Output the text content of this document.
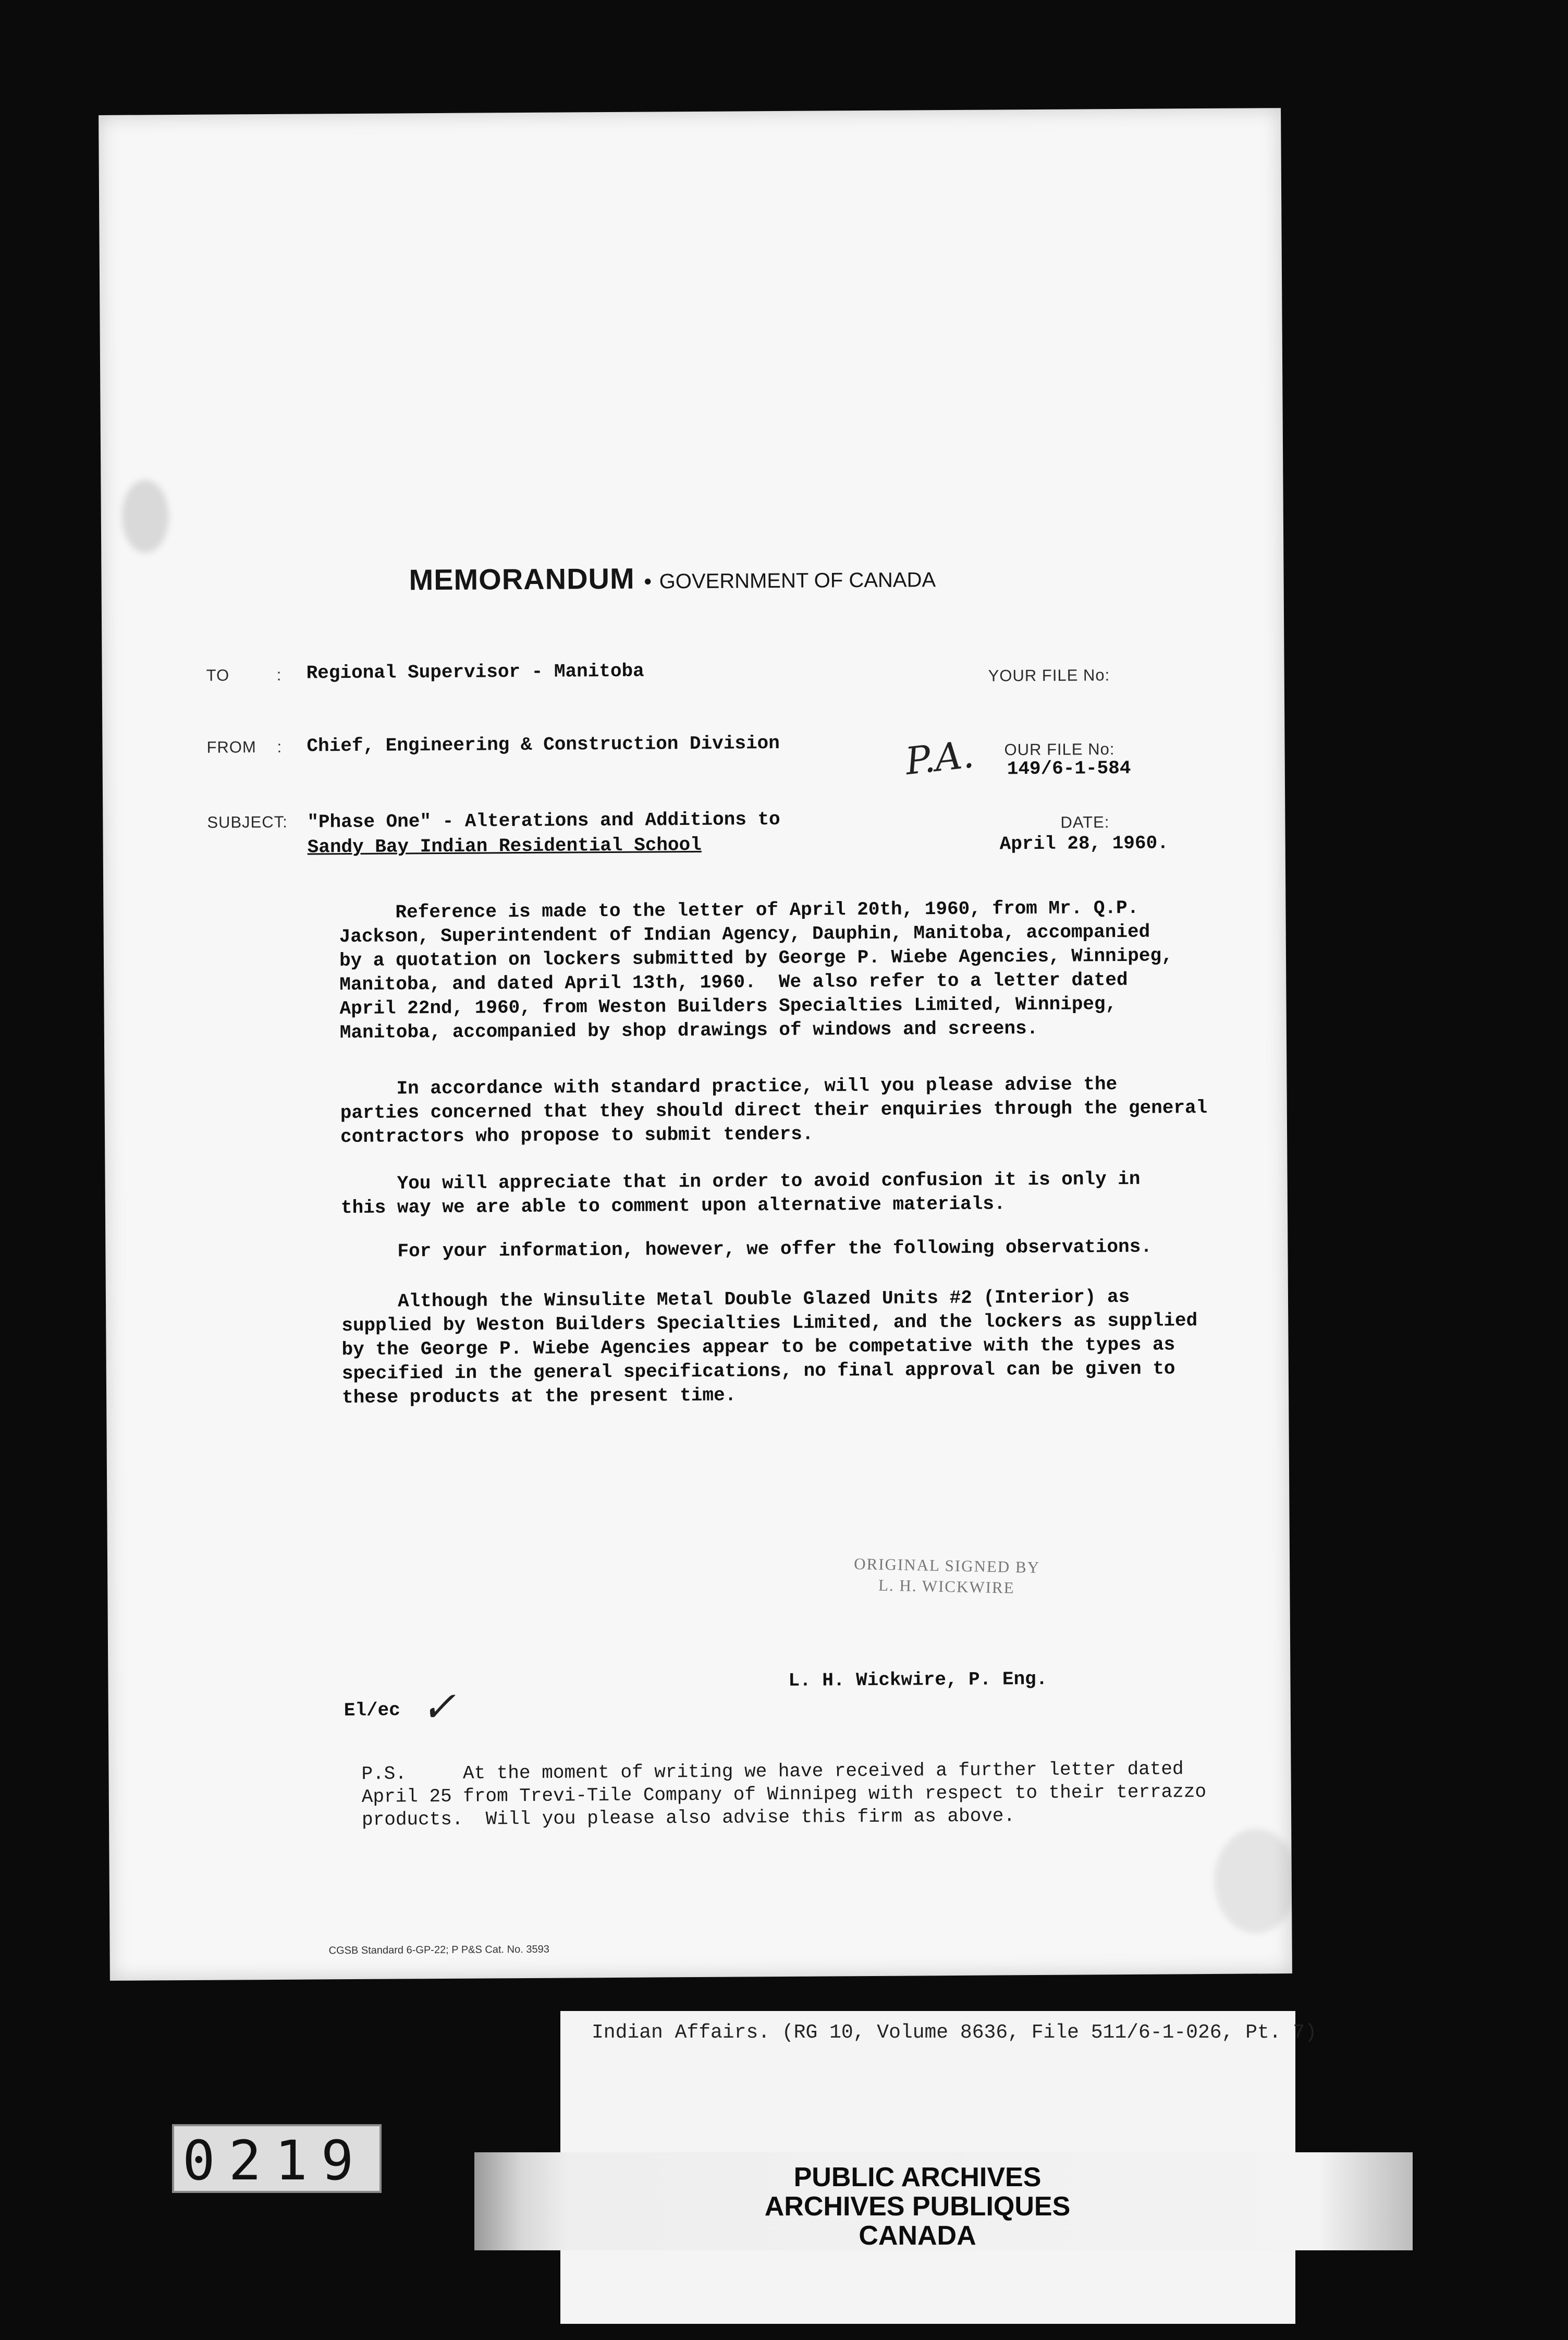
MEMORANDUM • GOVERNMENT OF CANADA
TO	: Regional Supervisor - Manitoba	YOUR FILE No:
FROM : Chief, Engineering & Construction Division	P.A. OUR FILE No:
149/6-1-584
SUBJECT: "Phase One" - Alterations and Additions to
Sandy Bay Indian Residential School
DATE:
April 28, 1960.
Reference is made to the letter of April 20th, 1960, from Mr. Q.P.
Jackson, Superintendent of Indian Agency, Dauphin, Manitoba, accompanied
by a quotation on lockers submitted by George P. Wiebe Agencies, Winnipeg,
Manitoba, and dated April 13th, 1960.  We also refer to a letter dated
April 22nd, 1960, from Weston Builders Specialties Limited, Winnipeg,
Manitoba, accompanied by shop drawings of windows and screens.
In accordance with standard practice, will you please advise the
parties concerned that they should direct their enquiries through the general
contractors who propose to submit tenders.
You will appreciate that in order to avoid confusion it is only in
this way we are able to comment upon alternative materials.
For your information, however, we offer the following observations.
Although the Winsulite Metal Double Glazed Units #2 (Interior) as
supplied by Weston Builders Specialties Limited, and the lockers as supplied
by the George P. Wiebe Agencies appear to be competative with the types as
specified in the general specifications, no final approval can be given to
these products at the present time.
ORIGINAL SIGNED BY
L. H. WICKWIRE
L. H. Wickwire, P. Eng.
El/ec ✓
P.S.     At the moment of writing we have received a further letter dated
April 25 from Trevi-Tile Company of Winnipeg with respect to their terrazzo
products.  Will you please also advise this firm as above.
CGSB Standard 6-GP-22; P P&S Cat. No. 3593
Indian Affairs. (RG 10, Volume 8636, File 511/6-1-026, Pt. 7)
PUBLIC ARCHIVES
ARCHIVES PUBLIQUES
CANADA
0219
